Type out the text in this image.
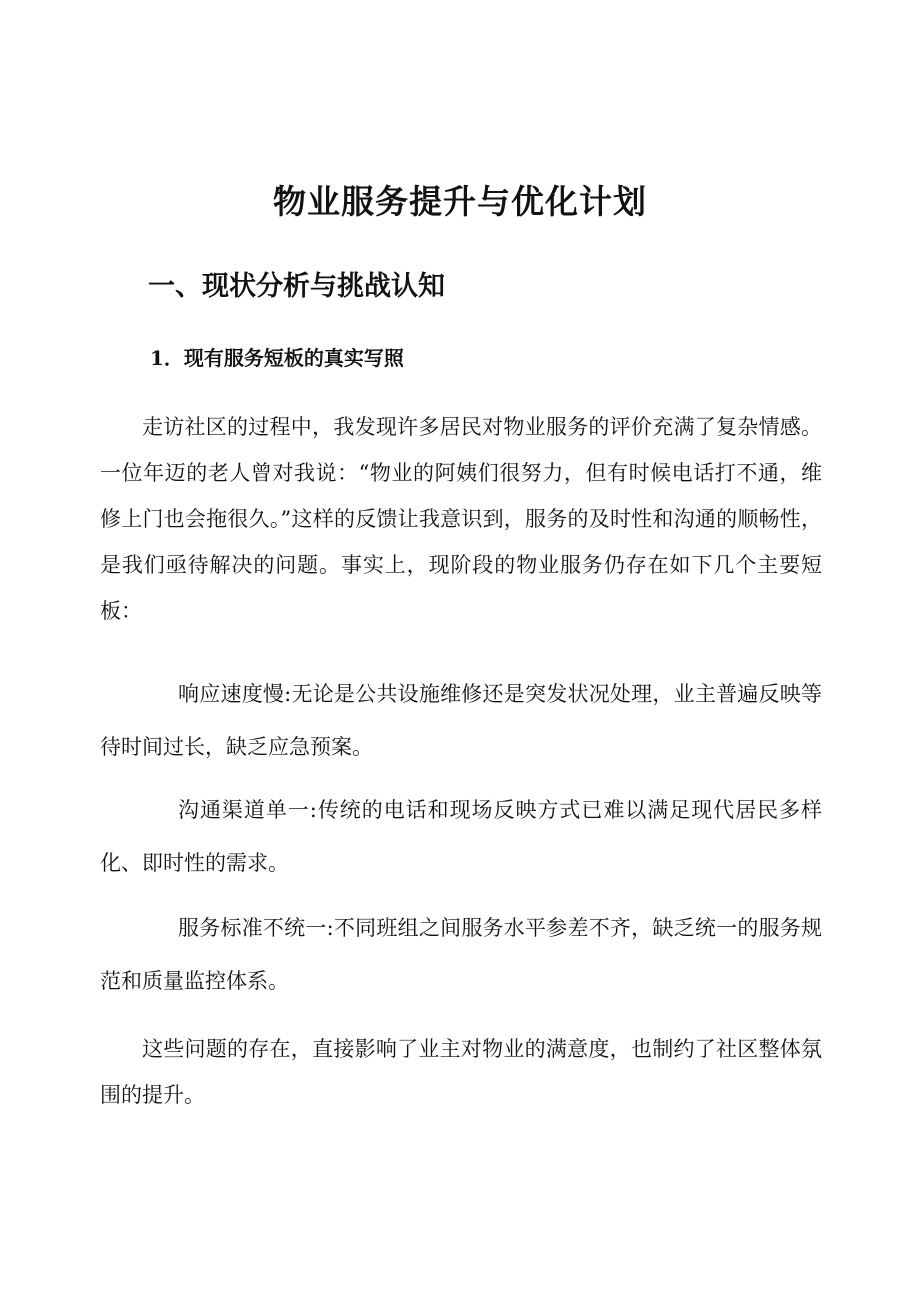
物业服务提升与优化计划
一、现状分析与挑战认知
1．现有服务短板的真实写照

走访社区的过程中，我发现许多居民对物业服务的评价充满了复杂情感。一位年迈的老人曾对我说：“物业的阿姨们很努力，但有时候电话打不通，维修上门也会拖很久。”这样的反馈让我意识到，服务的及时性和沟通的顺畅性，是我们亟待解决的问题。事实上，现阶段的物业服务仍存在如下几个主要短板：

响应速度慢:无论是公共设施维修还是突发状况处理，业主普遍反映等待时间过长，缺乏应急预案。

沟通渠道单一:传统的电话和现场反映方式已难以满足现代居民多样化、即时性的需求。

服务标准不统一:不同班组之间服务水平参差不齐，缺乏统一的服务规范和质量监控体系。

这些问题的存在，直接影响了业主对物业的满意度，也制约了社区整体氛围的提升。
